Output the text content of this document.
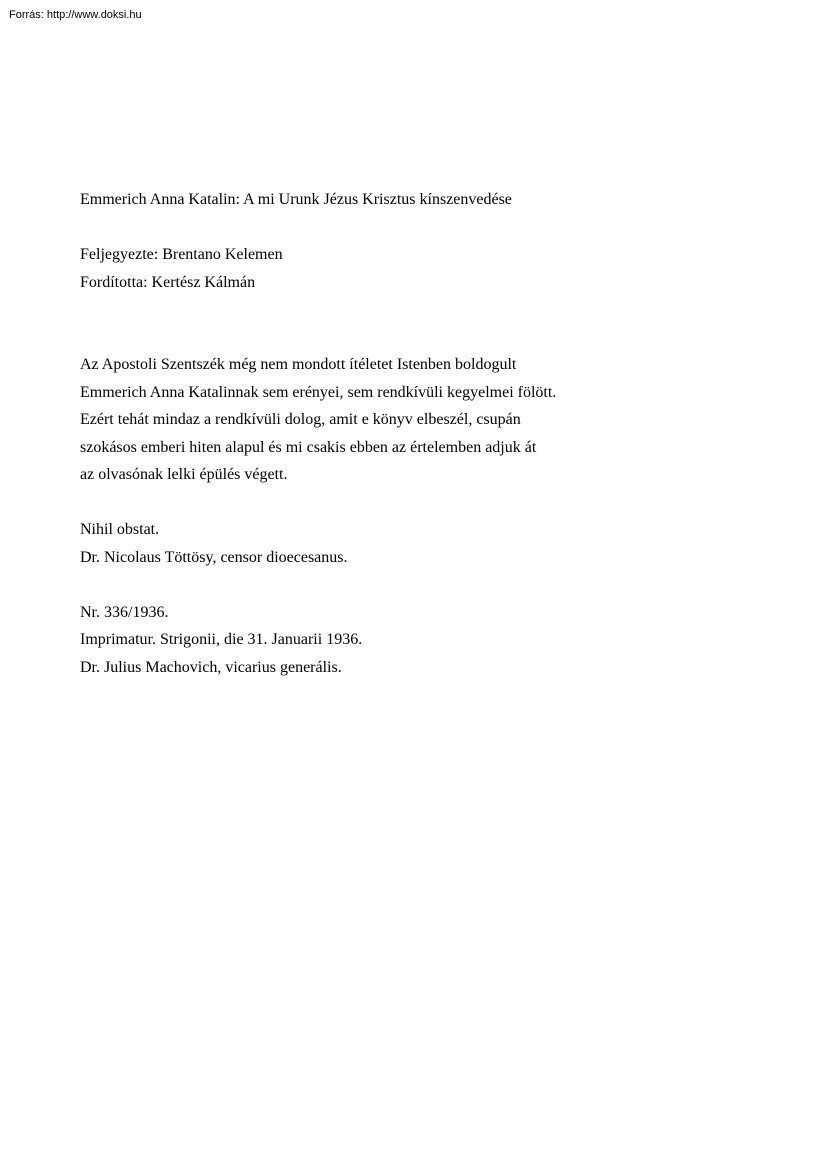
Forrás: http://www.doksi.hu
Emmerich Anna Katalin: A mi Urunk Jézus Krisztus kínszenvedése
Feljegyezte: Brentano Kelemen
Fordította: Kertész Kálmán
Az Apostoli Szentszék még nem mondott ítéletet Istenben boldogult
Emmerich Anna Katalinnak sem erényei, sem rendkívüli kegyelmei fölött.
Ezért tehát mindaz a rendkívüli dolog, amit e könyv elbeszél, csupán
szokásos emberi hiten alapul és mi csakis ebben az értelemben adjuk át
az olvasónak lelki épülés végett.
Nihil obstat.
Dr. Nicolaus Töttösy, censor dioecesanus.
Nr. 336/1936.
Imprimatur. Strigonii, die 31. Januarii 1936.
Dr. Julius Machovich, vicarius generális.
